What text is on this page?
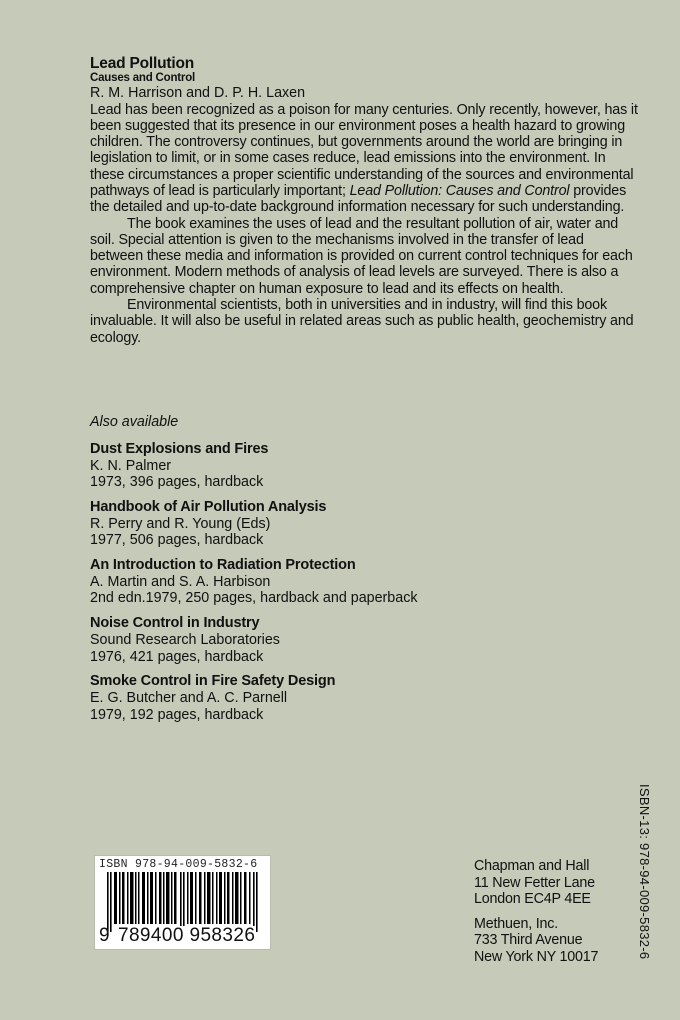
Lead Pollution
Causes and Control
R. M. Harrison and D. P. H. Laxen

Lead has been recognized as a poison for many centuries. Only recently, however, has it been suggested that its presence in our environment poses a health hazard to growing children. The controversy continues, but governments around the world are bringing in legislation to limit, or in some cases reduce, lead emissions into the environment. In these circumstances a proper scientific understanding of the sources and environmental pathways of lead is particularly important; Lead Pollution: Causes and Control provides the detailed and up-to-date background information necessary for such understanding.

The book examines the uses of lead and the resultant pollution of air, water and soil. Special attention is given to the mechanisms involved in the transfer of lead between these media and information is provided on current control techniques for each environment. Modern methods of analysis of lead levels are surveyed. There is also a comprehensive chapter on human exposure to lead and its effects on health.

Environmental scientists, both in universities and in industry, will find this book invaluable. It will also be useful in related areas such as public health, geochemistry and ecology.

Also available
Dust Explosions and Fires
K. N. Palmer
1973, 396 pages, hardback
Handbook of Air Pollution Analysis
R. Perry and R. Young (Eds)
1977, 506 pages, hardback
An Introduction to Radiation Protection
A. Martin and S. A. Harbison
2nd edn.1979, 250 pages, hardback and paperback
Noise Control in Industry
Sound Research Laboratories
1976, 421 pages, hardback
Smoke Control in Fire Safety Design
E. G. Butcher and A. C. Parnell
1979, 192 pages, hardback
ISBN 978-94-009-5832-6
9 789400 958326
Chapman and Hall
11 New Fetter Lane
London EC4P 4EE
Methuen, Inc.
733 Third Avenue
New York NY 10017	ISBN-13: 978-94-009-5832-6
